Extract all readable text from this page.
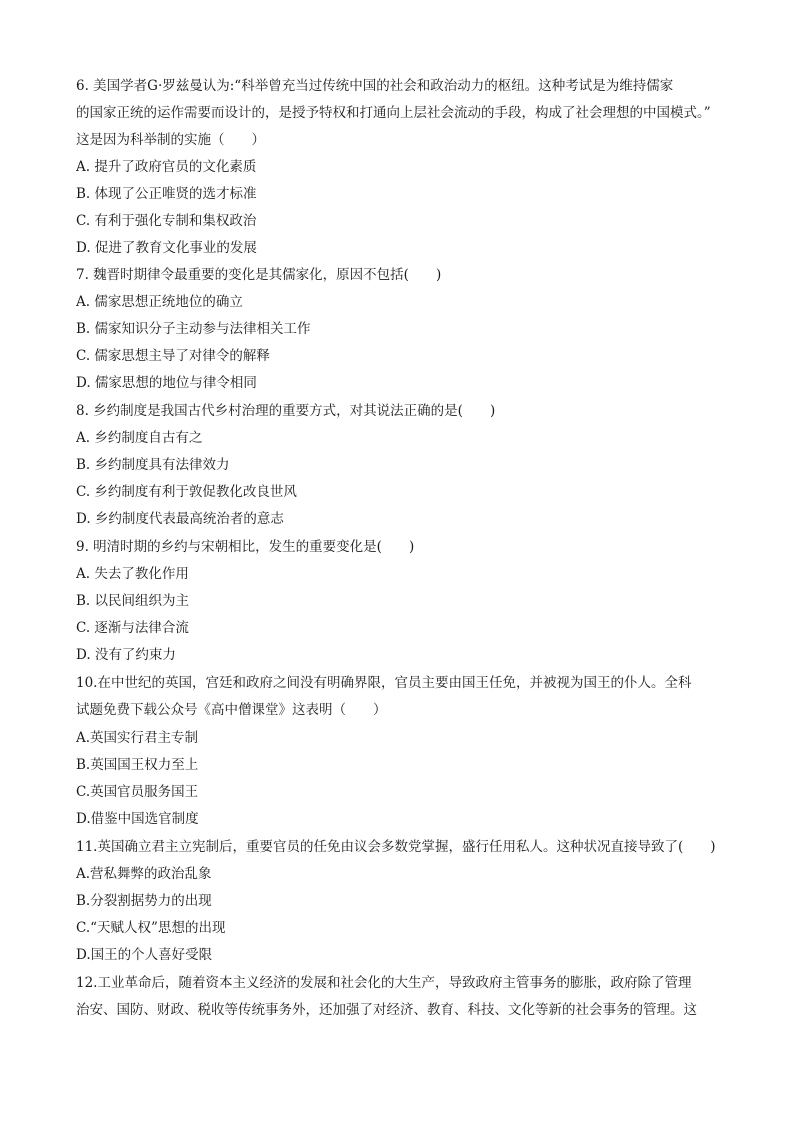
6. 美国学者G·罗兹曼认为:“科举曾充当过传统中国的社会和政治动力的枢纽。这种考试是为维持儒家
的国家正统的运作需要而设计的，是授予特权和打通向上层社会流动的手段，构成了社会理想的中国模式。”
这是因为科举制的实施（　　）
A. 提升了政府官员的文化素质
B. 体现了公正唯贤的选才标准
C. 有利于强化专制和集权政治
D. 促进了教育文化事业的发展
7. 魏晋时期律令最重要的变化是其儒家化，原因不包括(　　)
A. 儒家思想正统地位的确立
B. 儒家知识分子主动参与法律相关工作
C. 儒家思想主导了对律令的解释
D. 儒家思想的地位与律令相同
8. 乡约制度是我国古代乡村治理的重要方式，对其说法正确的是(　　)
A. 乡约制度自古有之
B. 乡约制度具有法律效力
C. 乡约制度有利于敦促教化改良世风
D. 乡约制度代表最高统治者的意志
9. 明清时期的乡约与宋朝相比，发生的重要变化是(　　)
A. 失去了教化作用
B. 以民间组织为主
C. 逐渐与法律合流
D. 没有了约束力
10.在中世纪的英国，宫廷和政府之间没有明确界限，官员主要由国王任免，并被视为国王的仆人。全科
试题免费下载公众号《高中僧课堂》这表明（　　）
A.英国实行君主专制
B.英国国王权力至上
C.英国官员服务国王
D.借鉴中国选官制度
11.英国确立君主立宪制后，重要官员的任免由议会多数党掌握，盛行任用私人。这种状况直接导致了(　　)
A.营私舞弊的政治乱象
B.分裂割据势力的出现
C.“天赋人权”思想的出现
D.国王的个人喜好受限
12.工业革命后，随着资本主义经济的发展和社会化的大生产，导致政府主管事务的膨胀，政府除了管理
治安、国防、财政、税收等传统事务外，还加强了对经济、教育、科技、文化等新的社会事务的管理。这
